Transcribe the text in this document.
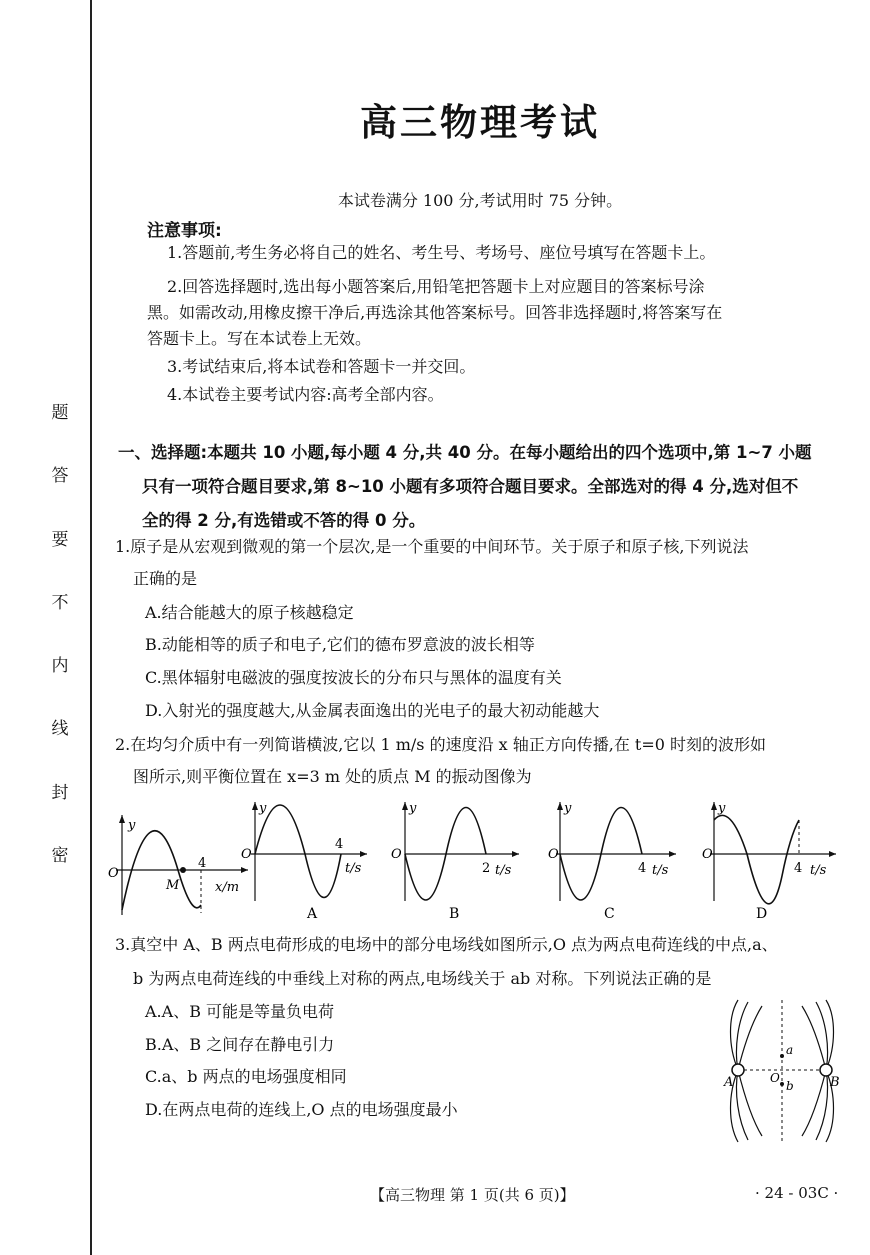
题
答
要
不
内
线
封
密
高三物理考试
本试卷满分 100 分,考试用时 75 分钟。
注意事项:
1.答题前,考生务必将自己的姓名、考生号、考场号、座位号填写在答题卡上。
2.回答选择题时,选出每小题答案后,用铅笔把答题卡上对应题目的答案标号涂
黑。如需改动,用橡皮擦干净后,再选涂其他答案标号。回答非选择题时,将答案写在
答题卡上。写在本试卷上无效。
3.考试结束后,将本试卷和答题卡一并交回。
4.本试卷主要考试内容:高考全部内容。
一、选择题:本题共 10 小题,每小题 4 分,共 40 分。在每小题给出的四个选项中,第 1~7 小题
只有一项符合题目要求,第 8~10 小题有多项符合题目要求。全部选对的得 4 分,选对但不
全的得 2 分,有选错或不答的得 0 分。
1.原子是从宏观到微观的第一个层次,是一个重要的中间环节。关于原子和原子核,下列说法
正确的是
A.结合能越大的原子核越稳定
B.动能相等的质子和电子,它们的德布罗意波的波长相等
C.黑体辐射电磁波的强度按波长的分布只与黑体的温度有关
D.入射光的强度越大,从金属表面逸出的光电子的最大初动能越大
2.在均匀介质中有一列简谐横波,它以 1 m/s 的速度沿 x 轴正方向传播,在 t=0 时刻的波形如
图所示,则平衡位置在 x=3 m 处的质点 M 的振动图像为
y
O
M
4
x/m
y
O
4
t/s
A
y
O
2 t/s
B
y
O
4 t/s
C
y
O
4 t/s
D
3.真空中 A、B 两点电荷形成的电场中的部分电场线如图所示,O 点为两点电荷连线的中点,a、
b 为两点电荷连线的中垂线上对称的两点,电场线关于 ab 对称。下列说法正确的是
A.A、B 可能是等量负电荷
B.A、B 之间存在静电引力
C.a、b 两点的电场强度相同
D.在两点电荷的连线上,O 点的电场强度最小
a
b
O
A	B
【高三物理 第 1 页(共 6 页)】	· 24 - 03C ·
